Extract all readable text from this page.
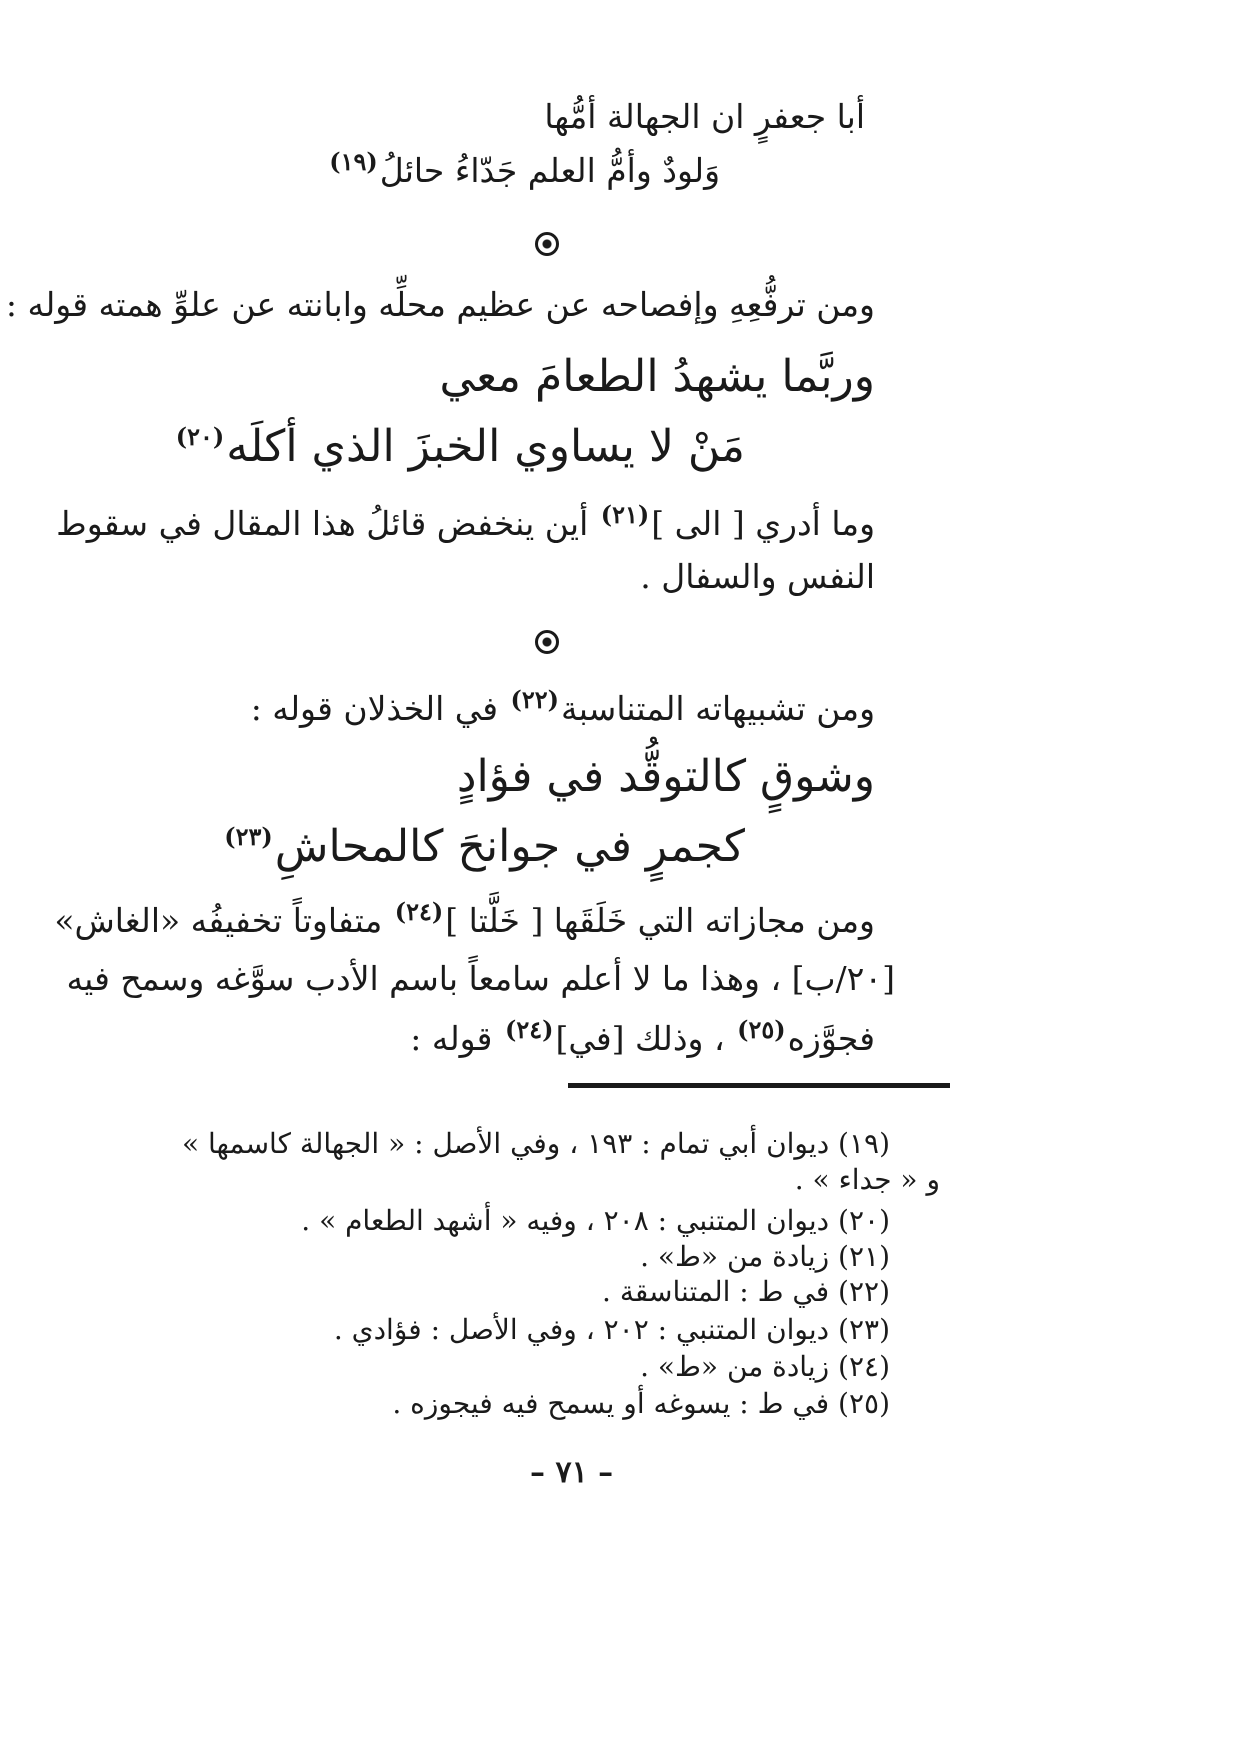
أبا جعفرٍ ان الجهالة أمُّها
وَلودٌ وأمُّ العلم جَدّاءُ حائلُ$^{(١٩)}$
ومن ترفُّعِهِ وإفصاحه عن عظيم محلِّه وابانته عن علوِّ همته قوله :
وربَّما يشهدُ الطعامَ معي
مَنْ لا يساوي الخبزَ الذي أكلَه$^{(٢٠)}$
وما أدري [ الى ]$^{(٢١)}$ أين ينخفض قائلُ هذا المقال في سقوط
النفس والسفال .
ومن تشبيهاته المتناسبة$^{(٢٢)}$ في الخذلان قوله :
وشوقٍ كالتوقُّد في فؤادٍ
كجمرٍ في جوانحَ كالمحاشِ$^{(٢٣)}$
ومن مجازاته التي خَلَقَها [ خَلَّتا ]$^{(٢٤)}$ متفاوتاً تخفيفُه «الغاش»
[٢٠/ب] ، وهذا ما لا أعلم سامعاً باسم الأدب سوَّغه وسمح فيه
فجوَّزه$^{(٢٥)}$ ، وذلك [في]$^{(٢٤)}$ قوله :
(١٩) ديوان أبي تمام : ١٩٣ ، وفي الأصل : « الجهالة كاسمها »
و « جداء » .
(٢٠) ديوان المتنبي : ٢٠٨ ، وفيه « أشهد الطعام » .
(٢١) زيادة من «ط» .
(٢٢) في ط : المتناسقة .
(٢٣) ديوان المتنبي : ٢٠٢ ، وفي الأصل : فؤادي .
(٢٤) زيادة من «ط» .
(٢٥) في ط : يسوغه أو يسمح فيه فيجوزه .
– ٧١ –
